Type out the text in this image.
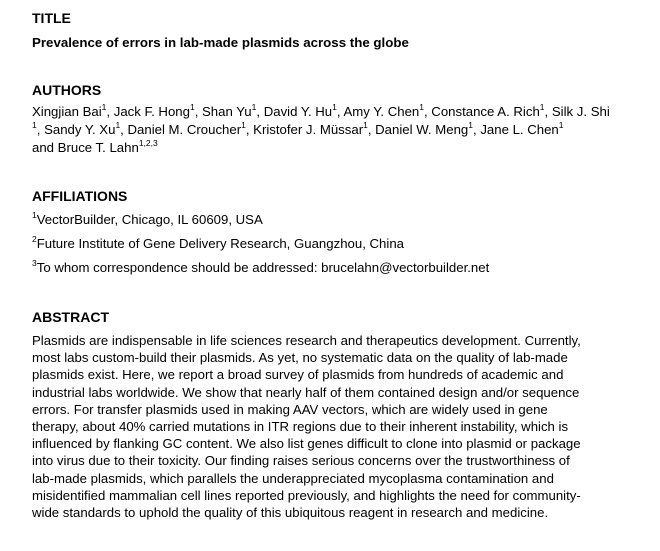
TITLE
Prevalence of errors in lab-made plasmids across the globe
AUTHORS
Xingjian Bai$^1$, Jack F. Hong$^1$, Shan Yu$^1$, David Y. Hu$^1$, Amy Y. Chen$^1$, Constance A. Rich$^1$, Silk J. Shi
$^1$, Sandy Y. Xu$^1$, Daniel M. Croucher$^1$, Kristofer J. Müssar$^1$, Daniel W. Meng$^1$, Jane L. Chen$^1$
and Bruce T. Lahn$^{1,2,3}$
AFFILIATIONS
$^1$VectorBuilder, Chicago, IL 60609, USA
$^2$Future Institute of Gene Delivery Research, Guangzhou, China
$^3$To whom correspondence should be addressed: brucelahn@vectorbuilder.net
ABSTRACT
Plasmids are indispensable in life sciences research and therapeutics development. Currently,
most labs custom-build their plasmids. As yet, no systematic data on the quality of lab-made
plasmids exist. Here, we report a broad survey of plasmids from hundreds of academic and
industrial labs worldwide. We show that nearly half of them contained design and/or sequence
errors. For transfer plasmids used in making AAV vectors, which are widely used in gene
therapy, about 40% carried mutations in ITR regions due to their inherent instability, which is
influenced by flanking GC content. We also list genes difficult to clone into plasmid or package
into virus due to their toxicity. Our finding raises serious concerns over the trustworthiness of
lab-made plasmids, which parallels the underappreciated mycoplasma contamination and
misidentified mammalian cell lines reported previously, and highlights the need for community-
wide standards to uphold the quality of this ubiquitous reagent in research and medicine.
